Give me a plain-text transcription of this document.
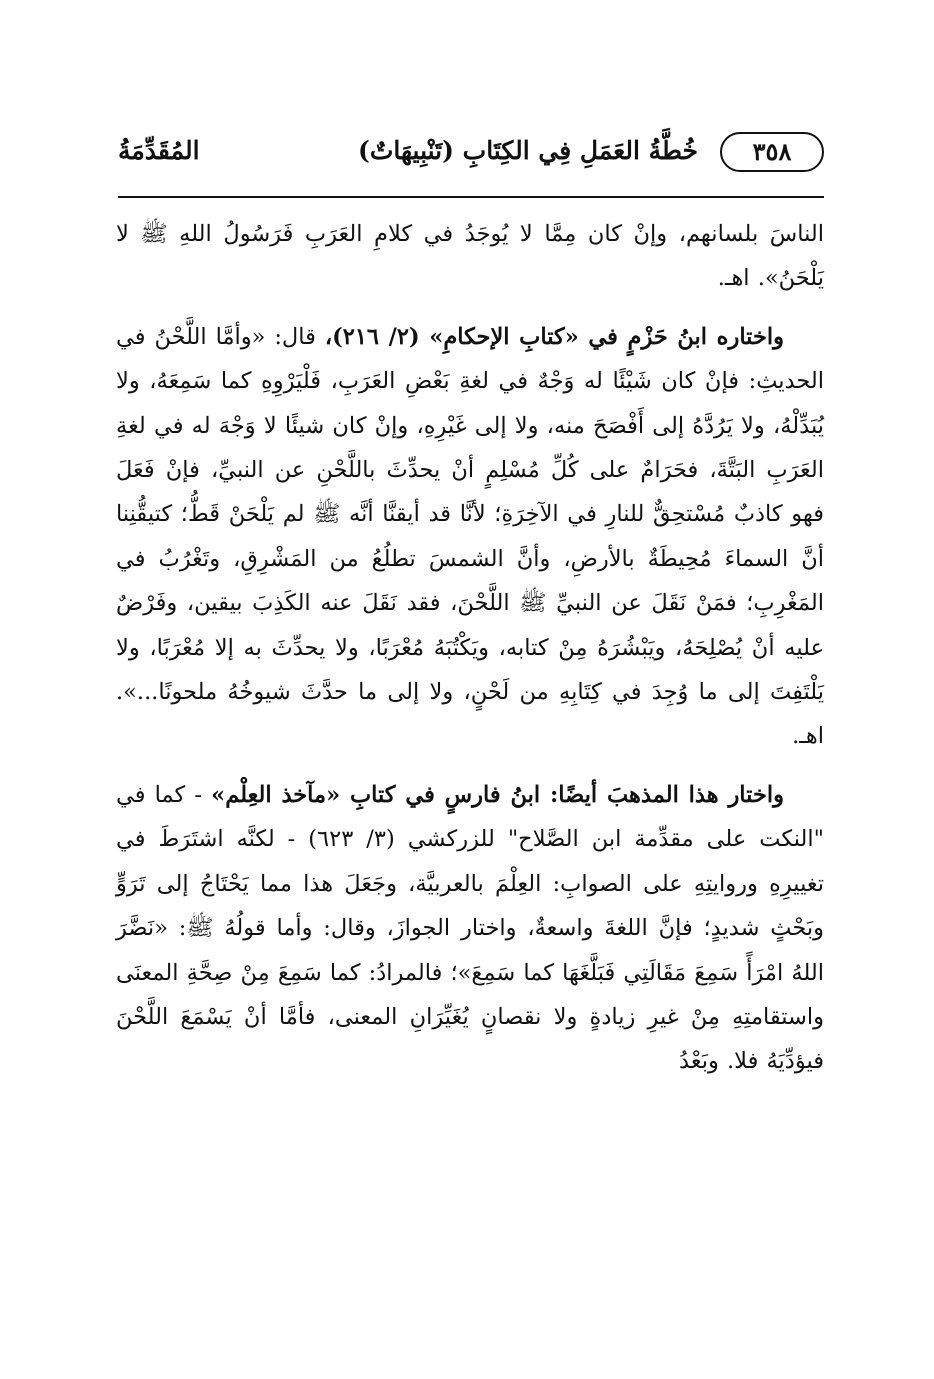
٣٥٨
خُطَّةُ العَمَلِ فِي الكِتَابِ (تَنْبِيهَاتٌ)
المُقَدِّمَةُ

الناسَ بلسانهم، وإنْ كان مِمَّا لا يُوجَدُ في كلامِ العَرَبِ فَرَسُولُ اللهِ ﷺ لا يَلْحَنُ». اهـ.

واختاره ابنُ حَزْمٍ في «كتابِ الإحكامِ» (٢/ ٢١٦)، قال: «وأمَّا اللَّحْنُ في الحديثِ: فإنْ كان شَيْئًا له وَجْهٌ في لغةِ بَعْضِ العَرَبِ، فَلْيَرْوِهِ كما سَمِعَهُ، ولا يُبَدِّلْهُ، ولا يَرُدَّهُ إلى أَفْصَحَ منه، ولا إلى غَيْرِهِ، وإنْ كان شيئًا لا وَجْهَ له في لغةِ العَرَبِ البَتَّةَ، فحَرَامٌ على كُلِّ مُسْلِمٍ أنْ يحدِّثَ باللَّحْنِ عن النبيِّ، فإنْ فَعَلَ فهو كاذبٌ مُسْتحِقٌّ للنارِ في الآخِرَةِ؛ لأنَّا قد أيقنَّا أنَّه ﷺ لم يَلْحَنْ قَطُّ؛ كتيقُّنِنا أنَّ السماءَ مُحِيطَةٌ بالأرضِ، وأنَّ الشمسَ تطلُعُ من المَشْرِقِ، وتَغْرُبُ في المَغْرِبِ؛ فمَنْ نَقَلَ عن النبيِّ ﷺ اللَّحْنَ، فقد نَقَلَ عنه الكَذِبَ بيقين، وفَرْضٌ عليه أنْ يُصْلِحَهُ، ويَبْشُرَهُ مِنْ كتابه، ويَكْتُبَهُ مُعْرَبًا، ولا يحدِّثَ به إلا مُعْرَبًا، ولا يَلْتَفِتَ إلى ما وُجِدَ في كِتَابِهِ من لَحْنٍ، ولا إلى ما حدَّثَ شيوخُهُ ملحونًا...». اهـ.

واختار هذا المذهبَ أيضًا: ابنُ فارسٍ في كتابِ «مآخذ العِلْم» - كما في "النكت على مقدِّمة ابن الصَّلاح" للزركشي (٣/ ٦٢٣) - لكنَّه اشتَرَطَ في تغييرِهِ وروايتِهِ على الصوابِ: العِلْمَ بالعربيَّة، وجَعَلَ هذا مما يَحْتَاجُ إلى تَرَوٍّ وبَحْثٍ شديدٍ؛ فإنَّ اللغةَ واسعةٌ، واختار الجوازَ، وقال: وأما قولُهُ ﷺ: «نَضَّرَ اللهُ امْرَأً سَمِعَ مَقَالَتِي فَبَلَّغَهَا كما سَمِعَ»؛ فالمرادُ: كما سَمِعَ مِنْ صِحَّةِ المعنَى واستقامتِهِ مِنْ غيرِ زيادةٍ ولا نقصانٍ يُغَيِّرَانِ المعنى، فأمَّا أنْ يَسْمَعَ اللَّحْنَ فيؤدِّيَهُ فلا. وبَعْدُ
